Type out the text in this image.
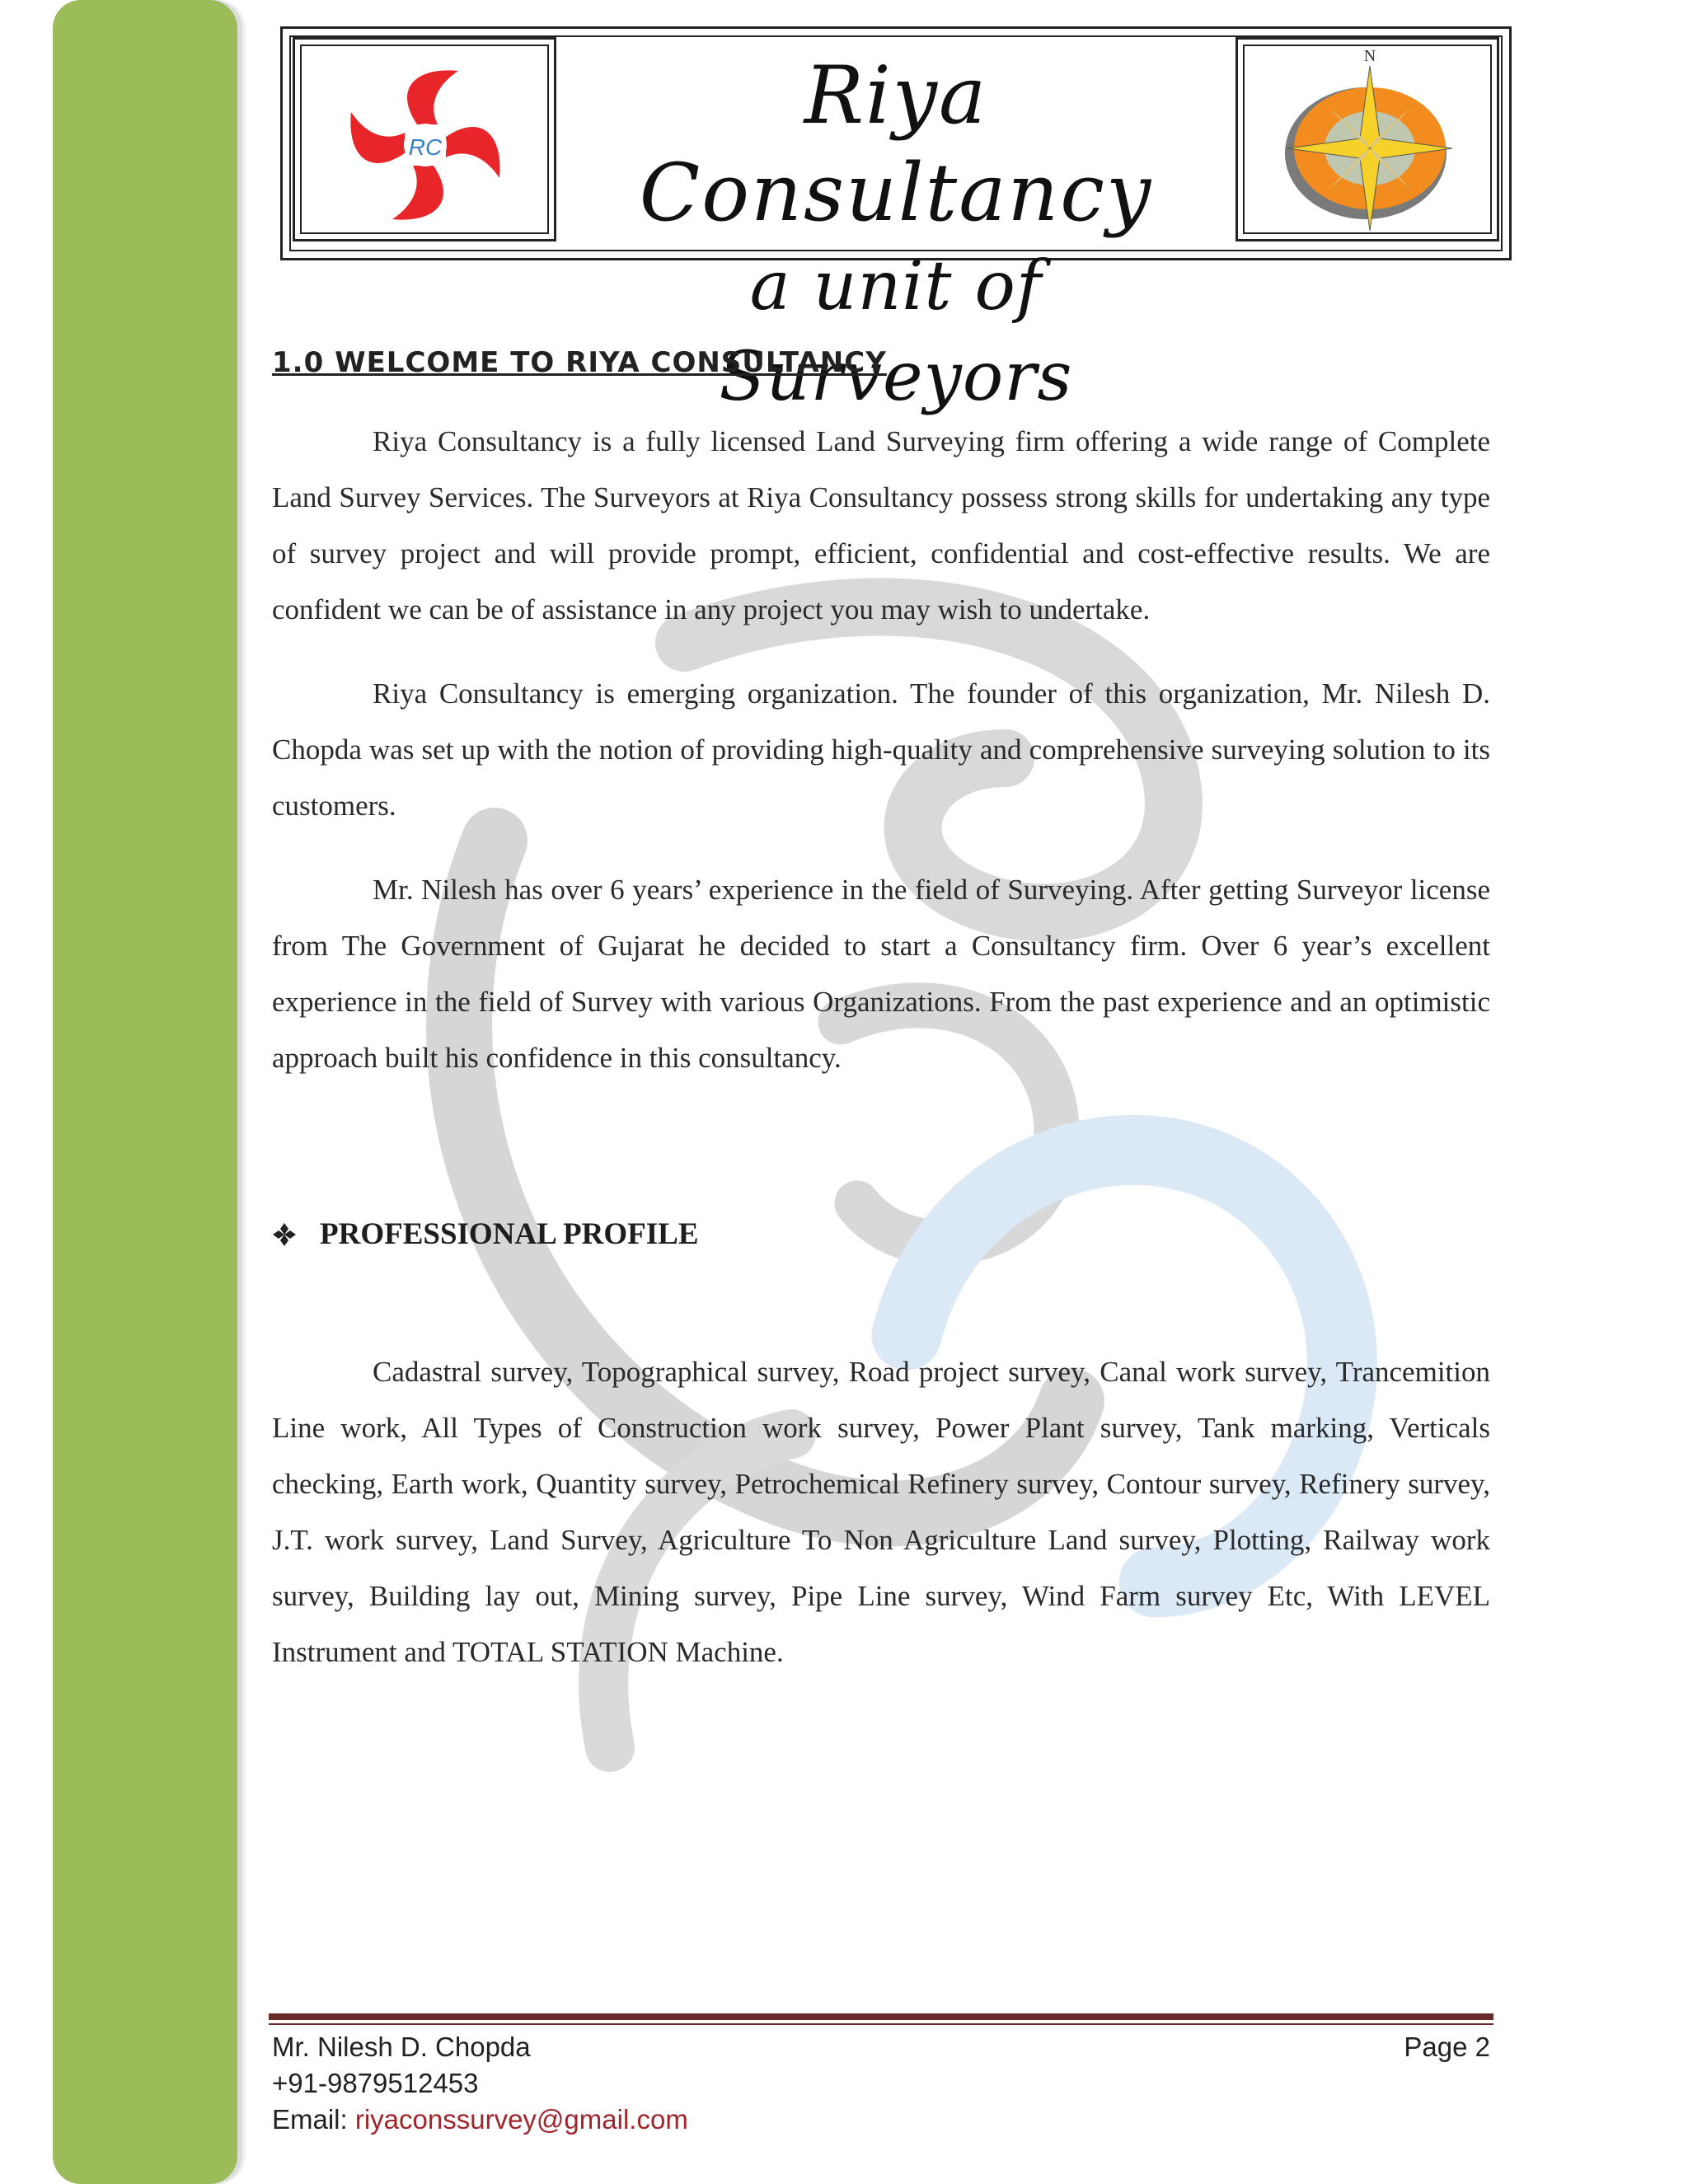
RC
Riya Consultancy
a unit of Surveyors
N
1.0 WELCOME TO RIYA CONSULTANCY

Riya Consultancy is a fully licensed Land Surveying firm offering a wide range of Complete Land Survey Services. The Surveyors at Riya Consultancy possess strong skills for undertaking any type of survey project and will provide prompt, efficient, confidential and cost-effective results. We are confident we can be of assistance in any project you may wish to undertake.

Riya Consultancy is emerging organization. The founder of this organization, Mr. Nilesh D. Chopda was set up with the notion of providing high-quality and comprehensive surveying solution to its customers.

Mr. Nilesh has over 6 years’ experience in the field of Surveying. After getting Surveyor license from The Government of Gujarat he decided to start a Consultancy firm. Over 6 year’s excellent experience in the field of Survey with various Organizations. From the past experience and an optimistic approach built his confidence in this consultancy.

PROFESSIONAL PROFILE

Cadastral survey, Topographical survey, Road project survey, Canal work survey, Trancemition Line work, All Types of Construction work survey, Power Plant survey, Tank marking, Verticals checking, Earth work, Quantity survey, Petrochemical Refinery survey, Contour survey, Refinery survey, J.T. work survey, Land Survey, Agriculture To Non Agriculture Land survey, Plotting, Railway work survey, Building lay out, Mining survey, Pipe Line survey, Wind Farm survey Etc, With LEVEL Instrument and TOTAL STATION Machine.

Mr. Nilesh D. Chopda	Page 2
+91-9879512453
Email: riyaconssurvey@gmail.com
